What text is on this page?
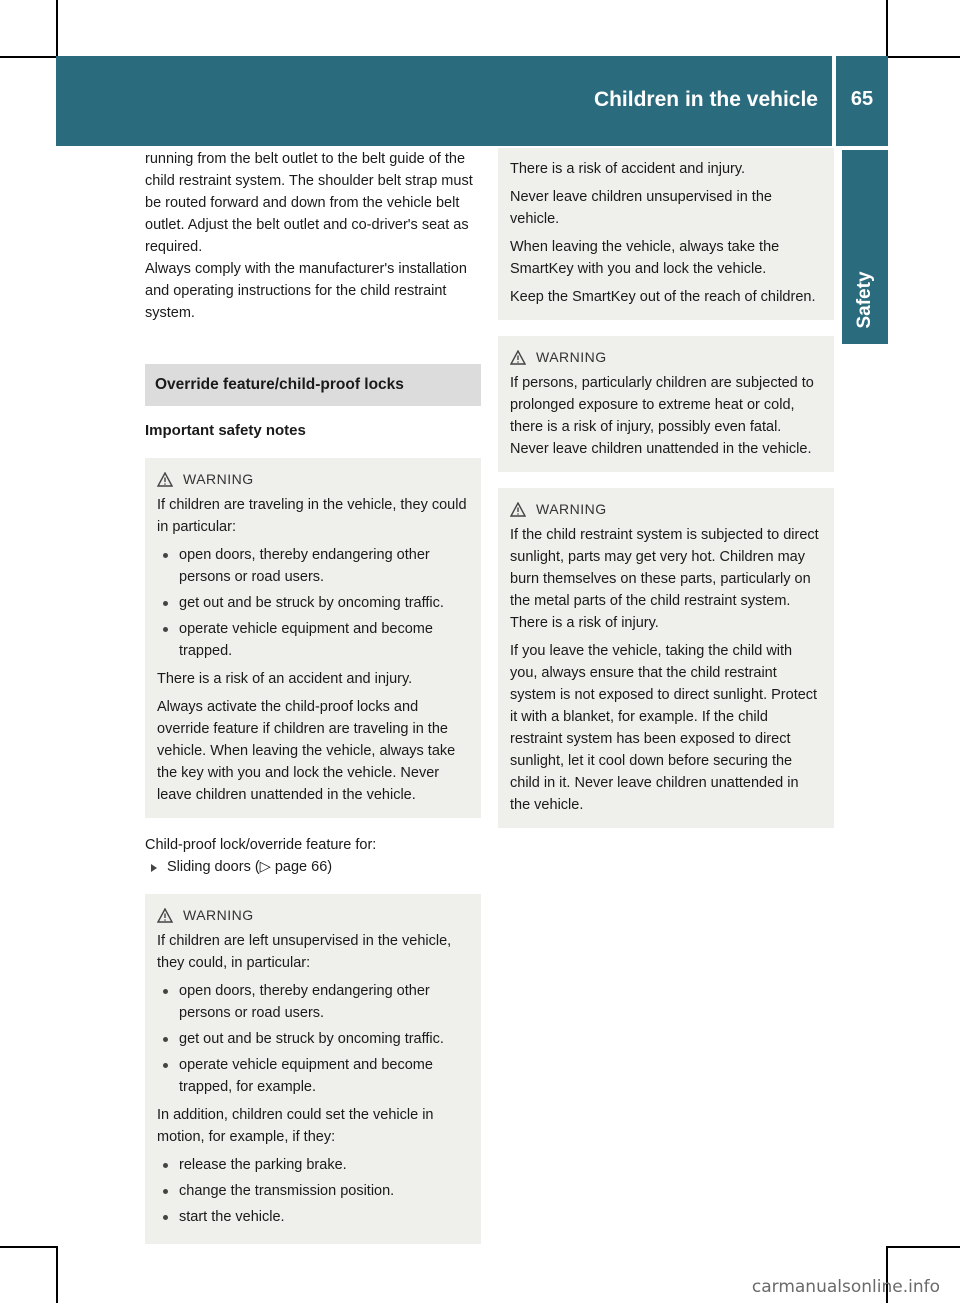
Children in the vehicle	65
Safety

running from the belt outlet to the belt guide of the child restraint system. The shoulder belt strap must be routed forward and down from the vehicle belt outlet. Adjust the belt outlet and co-driver's seat as required.

Always comply with the manufacturer's installation and operating instructions for the child restraint system.

Override feature/child-proof locks
Important safety notes
WARNING

If children are traveling in the vehicle, they could in particular:

open doors, thereby endangering other persons or road users.
get out and be struck by oncoming traffic.
operate vehicle equipment and become trapped.

There is a risk of an accident and injury.

Always activate the child-proof locks and override feature if children are traveling in the vehicle. When leaving the vehicle, always take the key with you and lock the vehicle. Never leave children unattended in the vehicle.

Child-proof lock/override feature for:

Sliding doors (▷ page 66)
WARNING

If children are left unsupervised in the vehicle, they could, in particular:

open doors, thereby endangering other persons or road users.
get out and be struck by oncoming traffic.
operate vehicle equipment and become trapped, for example.

In addition, children could set the vehicle in motion, for example, if they:

release the parking brake.
change the transmission position.
start the vehicle.

There is a risk of accident and injury.

Never leave children unsupervised in the vehicle.

When leaving the vehicle, always take the SmartKey with you and lock the vehicle.

Keep the SmartKey out of the reach of children.

WARNING

If persons, particularly children are subjected to prolonged exposure to extreme heat or cold, there is a risk of injury, possibly even fatal. Never leave children unattended in the vehicle.

WARNING

If the child restraint system is subjected to direct sunlight, parts may get very hot. Children may burn themselves on these parts, particularly on the metal parts of the child restraint system. There is a risk of injury.

If you leave the vehicle, taking the child with you, always ensure that the child restraint system is not exposed to direct sunlight. Protect it with a blanket, for example. If the child restraint system has been exposed to direct sunlight, let it cool down before securing the child in it. Never leave children unattended in the vehicle.

carmanualsonline.info
